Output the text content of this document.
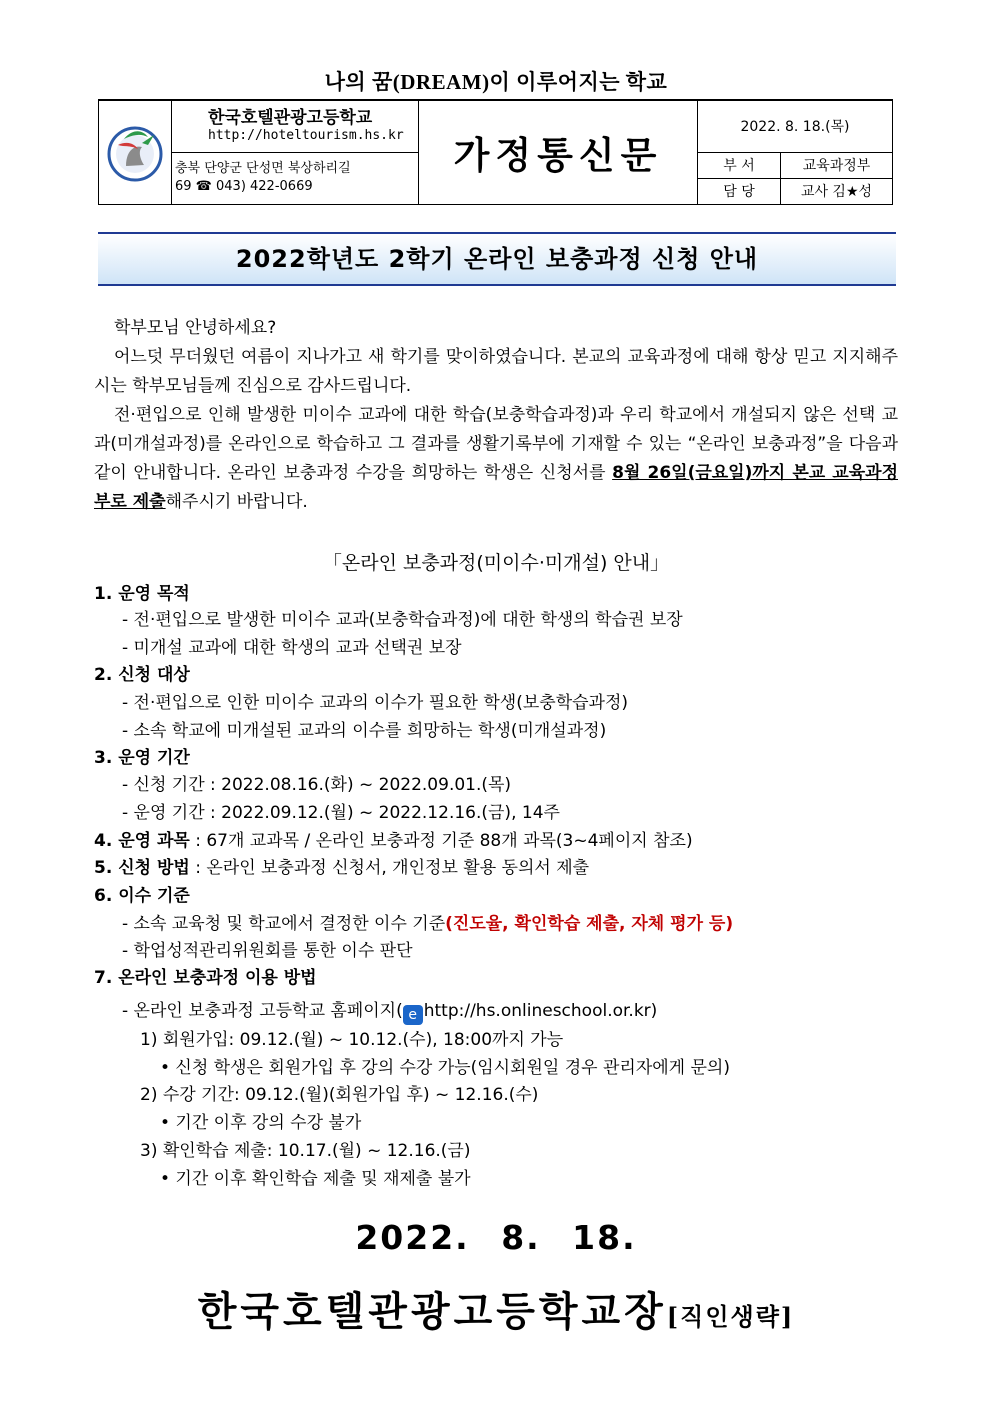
나의 꿈(DREAM)이 이루어지는 학교

한국호텔관광고등학교
http://hoteltourism.hs.kr	가정통신문	2022. 8. 18.(목)

충북 단양군 단성면 북상하리길
69 ☎ 043) 422-0669

부 서	교육과정부
담 당	교사 김★성
2022학년도 2학기 온라인 보충과정 신청 안내

학부모님 안녕하세요?

어느덧 무더웠던 여름이 지나가고 새 학기를 맞이하였습니다. 본교의 교육과정에 대해 항상 믿고 지지해주시는 학부모님들께 진심으로 감사드립니다.

전·편입으로 인해 발생한 미이수 교과에 대한 학습(보충학습과정)과 우리 학교에서 개설되지 않은 선택 교과(미개설과정)를 온라인으로 학습하고 그 결과를 생활기록부에 기재할 수 있는 “온라인 보충과정”을 다음과 같이 안내합니다. 온라인 보충과정 수강을 희망하는 학생은 신청서를 8월 26일(금요일)까지 본교 교육과정부로 제출해주시기 바랍니다.

「온라인 보충과정(미이수·미개설) 안내」
1. 운영 목적
- 전·편입으로 발생한 미이수 교과(보충학습과정)에 대한 학생의 학습권 보장
- 미개설 교과에 대한 학생의 교과 선택권 보장
2. 신청 대상
- 전·편입으로 인한 미이수 교과의 이수가 필요한 학생(보충학습과정)
- 소속 학교에 미개설된 교과의 이수를 희망하는 학생(미개설과정)
3. 운영 기간
- 신청 기간 : 2022.08.16.(화) ~ 2022.09.01.(목)
- 운영 기간 : 2022.09.12.(월) ~ 2022.12.16.(금), 14주
4. 운영 과목 : 67개 교과목 / 온라인 보충과정 기준 88개 과목(3~4페이지 참조)
5. 신청 방법 : 온라인 보충과정 신청서, 개인정보 활용 동의서 제출
6. 이수 기준
- 소속 교육청 및 학교에서 결정한 이수 기준(진도율, 확인학습 제출, 자체 평가 등)
- 학업성적관리위원회를 통한 이수 판단
7. 온라인 보충과정 이용 방법
- 온라인 보충과정 고등학교 홈페이지( e http://hs.onlineschool.or.kr)
1) 회원가입: 09.12.(월) ~ 10.12.(수), 18:00까지 가능
• 신청 학생은 회원가입 후 강의 수강 가능(임시회원일 경우 관리자에게 문의)
2) 수강 기간: 09.12.(월)(회원가입 후) ~ 12.16.(수)
• 기간 이후 강의 수강 불가
3) 확인학습 제출: 10.17.(월) ~ 12.16.(금)
• 기간 이후 확인학습 제출 및 재제출 불가
2022. 8. 18.
한국호텔관광고등학교장[직인생략]
